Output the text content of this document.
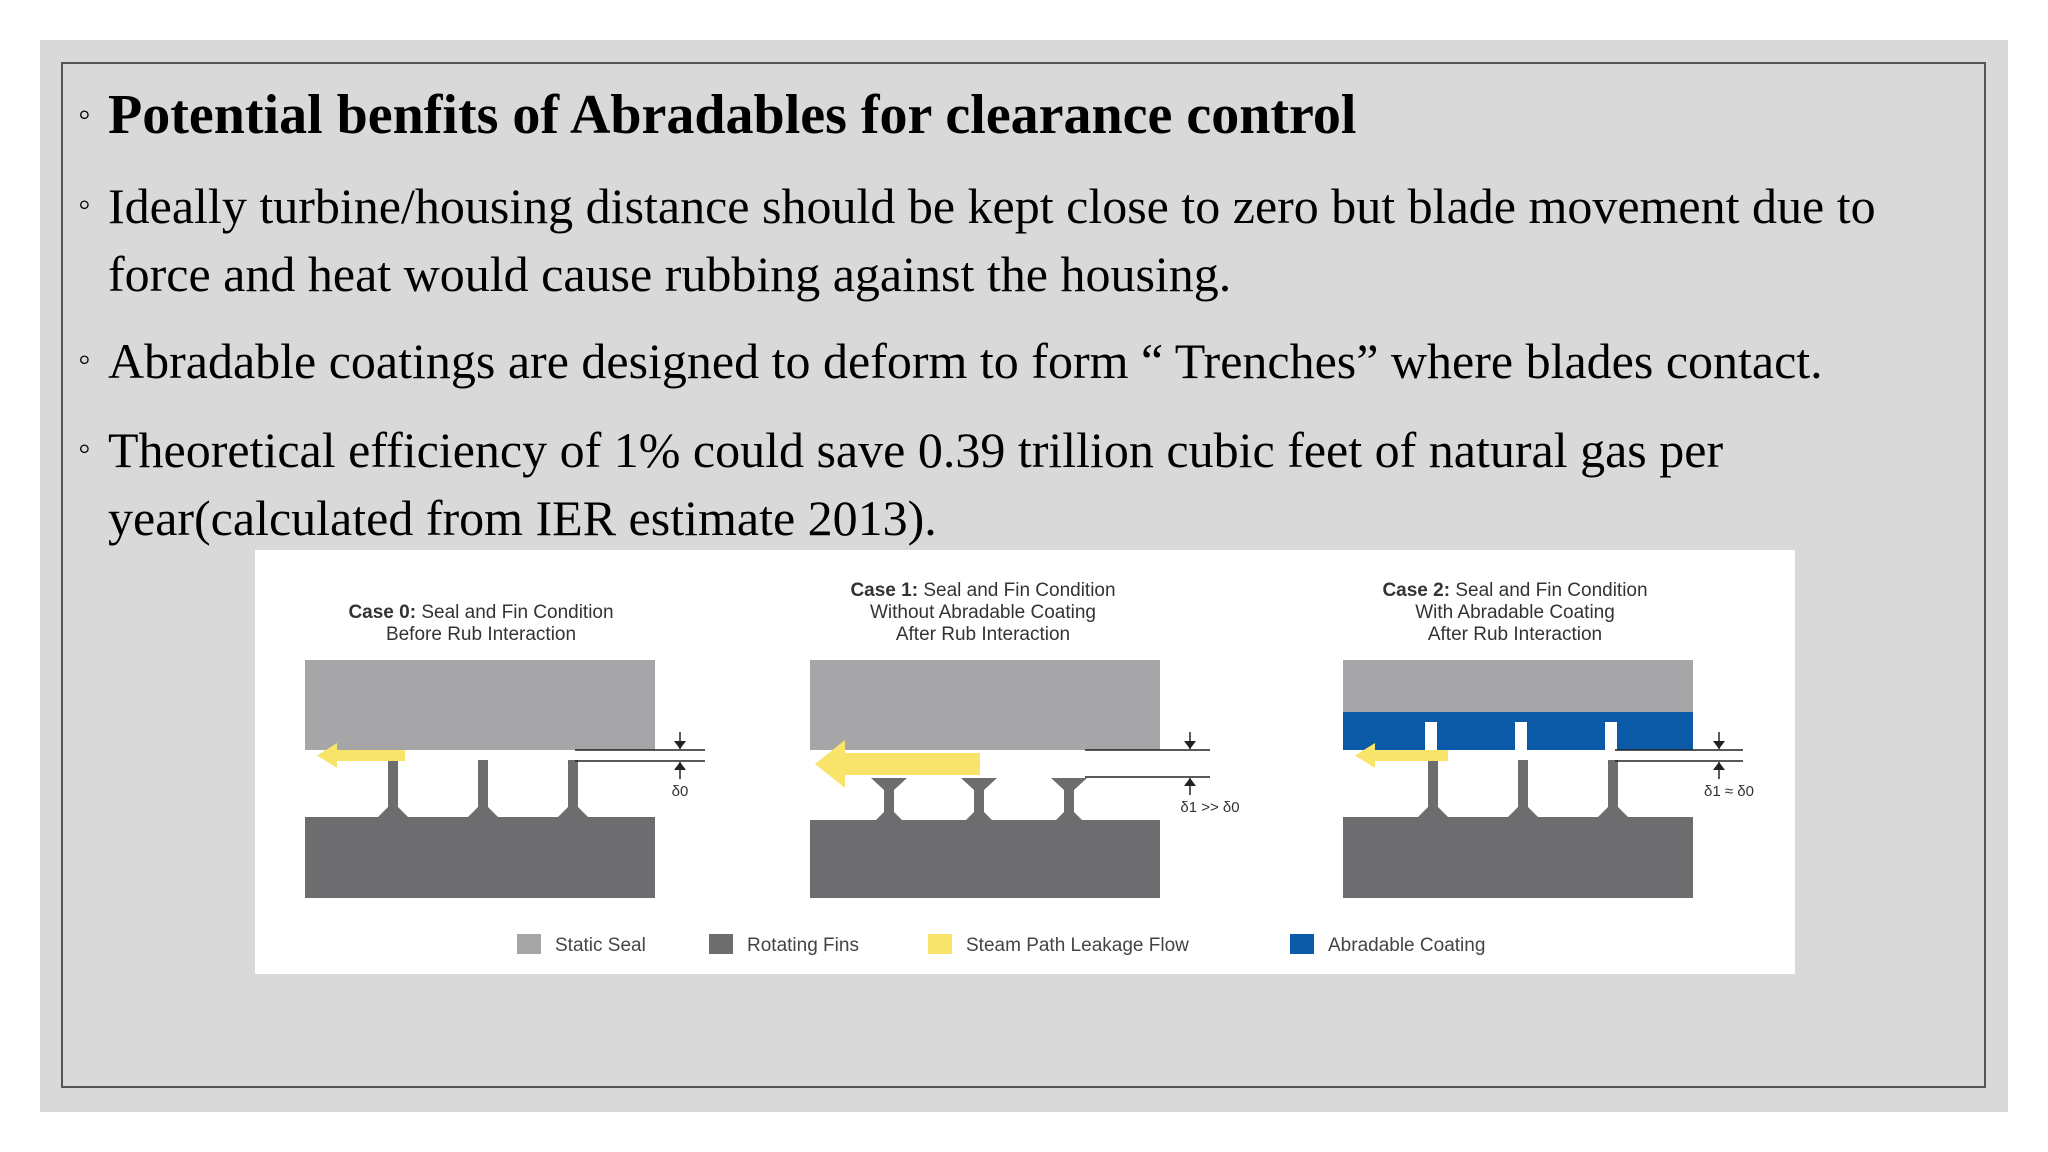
◦ Potential benfits of Abradables for clearance control
◦ Ideally turbine/housing distance should be kept close to zero but blade movement due to force and heat would cause rubbing against the housing.
◦ Abradable coatings are designed to deform to form “ Trenches” where blades contact.
◦ Theoretical efficiency of 1% could save 0.39 trillion cubic feet of natural gas per year(calculated from IER estimate 2013).
Case 0: Seal and Fin Condition
Before Rub Interaction
Case 1: Seal and Fin Condition
Without Abradable Coating
After Rub Interaction
Case 2: Seal and Fin Condition
With Abradable Coating
After Rub Interaction
δ0
δ1 >> δ0
δ1 ≈ δ0
Static Seal	Rotating Fins	Steam Path Leakage Flow	Abradable Coating
